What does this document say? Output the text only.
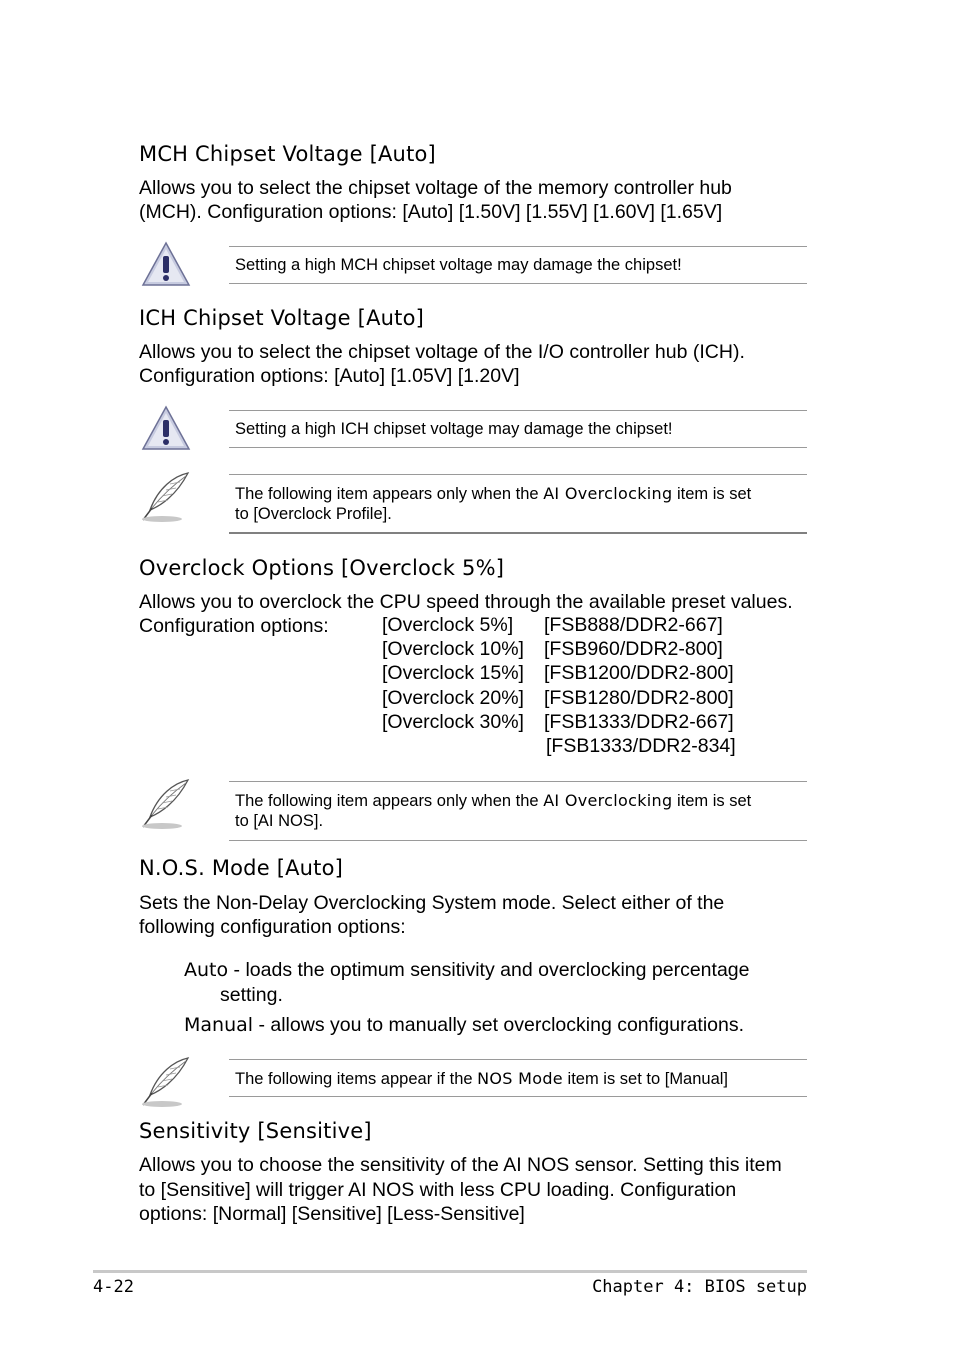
MCH Chipset Voltage [Auto]
Allows you to select the chipset voltage of the memory controller hub
(MCH). Configuration options: [Auto] [1.50V] [1.55V] [1.60V] [1.65V]
Setting a high MCH chipset voltage may damage the chipset!
ICH Chipset Voltage [Auto]
Allows you to select the chipset voltage of the I/O controller hub (ICH).
Configuration options: [Auto] [1.05V] [1.20V]
Setting a high ICH chipset voltage may damage the chipset!
The following item appears only when the AI Overclocking item is set
to [Overclock Profile].
Overclock Options [Overclock 5%]
Allows you to overclock the CPU speed through the available preset values.
Configuration options:	[Overclock 5%] [FSB888/DDR2-667]
[Overclock 10%] [FSB960/DDR2-800]
[Overclock 15%] [FSB1200/DDR2-800]
[Overclock 20%] [FSB1280/DDR2-800]
[Overclock 30%] [FSB1333/DDR2-667]
[FSB1333/DDR2-834]
The following item appears only when the AI Overclocking item is set
to [AI NOS].
N.O.S. Mode [Auto]
Sets the Non-Delay Overclocking System mode. Select either of the
following configuration options:
Auto - loads the optimum sensitivity and overclocking percentage
setting.
Manual - allows you to manually set overclocking configurations.
The following items appear if the NOS Mode item is set to [Manual]
Sensitivity [Sensitive]
Allows you to choose the sensitivity of the AI NOS sensor. Setting this item
to [Sensitive] will trigger AI NOS with less CPU loading. Configuration
options: [Normal] [Sensitive] [Less-Sensitive]
4-22	Chapter 4: BIOS setup
